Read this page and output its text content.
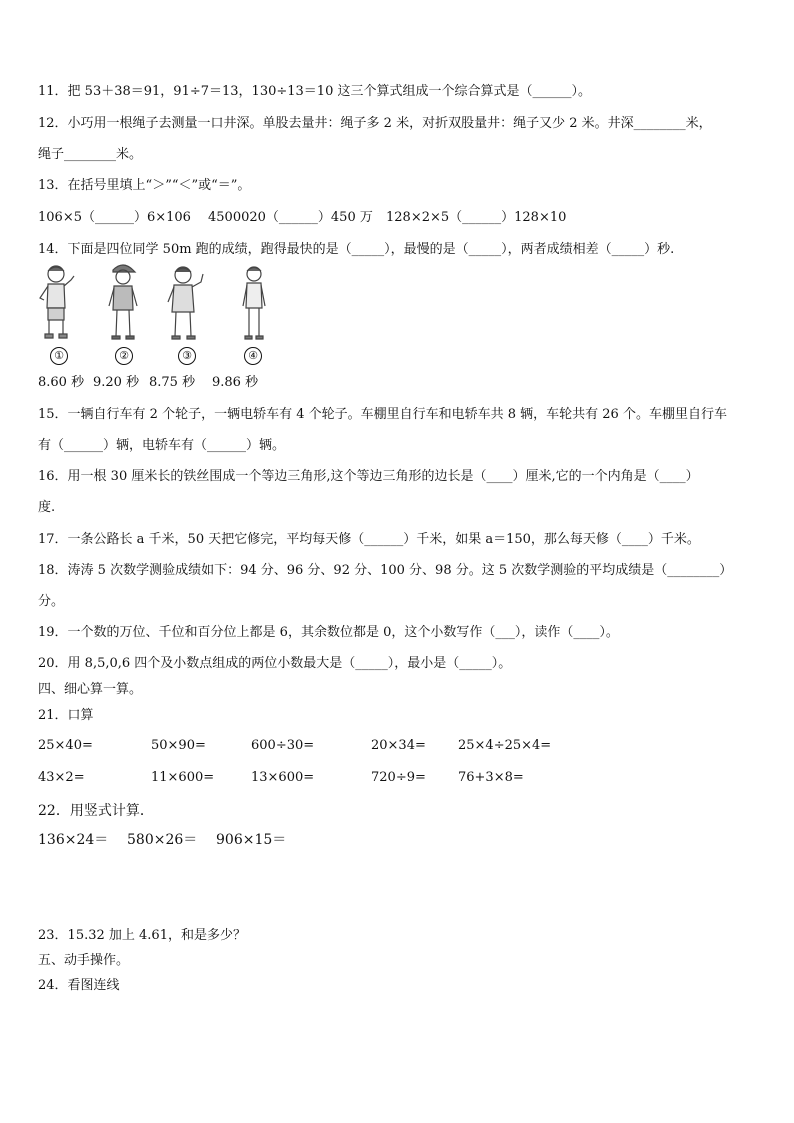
11．把 53＋38＝91，91÷7＝13，130÷13＝10 这三个算式组成一个综合算式是（______）。
12．小巧用一根绳子去测量一口井深。单股去量井：绳子多 2 米，对折双股量井：绳子又少 2 米。井深________米，
绳子________米。
13．在括号里填上“＞”“＜”或“＝”。
106×5（______）6×106 4500020（______）450 万 128×2×5（______）128×10
14．下面是四位同学 50m 跑的成绩，跑得最快的是（_____），最慢的是（_____），两者成绩相差（_____）秒.
①	②	③	④
8.60 秒 9.20 秒 8.75 秒 9.86 秒
15．一辆自行车有 2 个轮子，一辆电轿车有 4 个轮子。车棚里自行车和电轿车共 8 辆，车轮共有 26 个。车棚里自行车
有（______）辆，电轿车有（______）辆。
16．用一根 30 厘米长的铁丝围成一个等边三角形,这个等边三角形的边长是（____）厘米,它的一个内角是（____）
度.
17．一条公路长 a 千米，50 天把它修完，平均每天修（______）千米，如果 a＝150，那么每天修（____）千米。
18．涛涛 5 次数学测验成绩如下：94 分、96 分、92 分、100 分、98 分。这 5 次数学测验的平均成绩是（________）
分。
19．一个数的万位、千位和百分位上都是 6，其余数位都是 0，这个小数写作（___），读作（____）。
20．用 8,5,0,6 四个及小数点组成的两位小数最大是（_____），最小是（_____）。
四、细心算一算。
21．口算
25×40=	50×90=	600÷30=	20×34= 25×4÷25×4=
43×2=	11×600=	13×600=	720÷9= 76+3×8=
22．用竖式计算．
136×24＝ 580×26＝ 906×15＝
23．15.32 加上 4.61，和是多少？
五、动手操作。
24．看图连线
